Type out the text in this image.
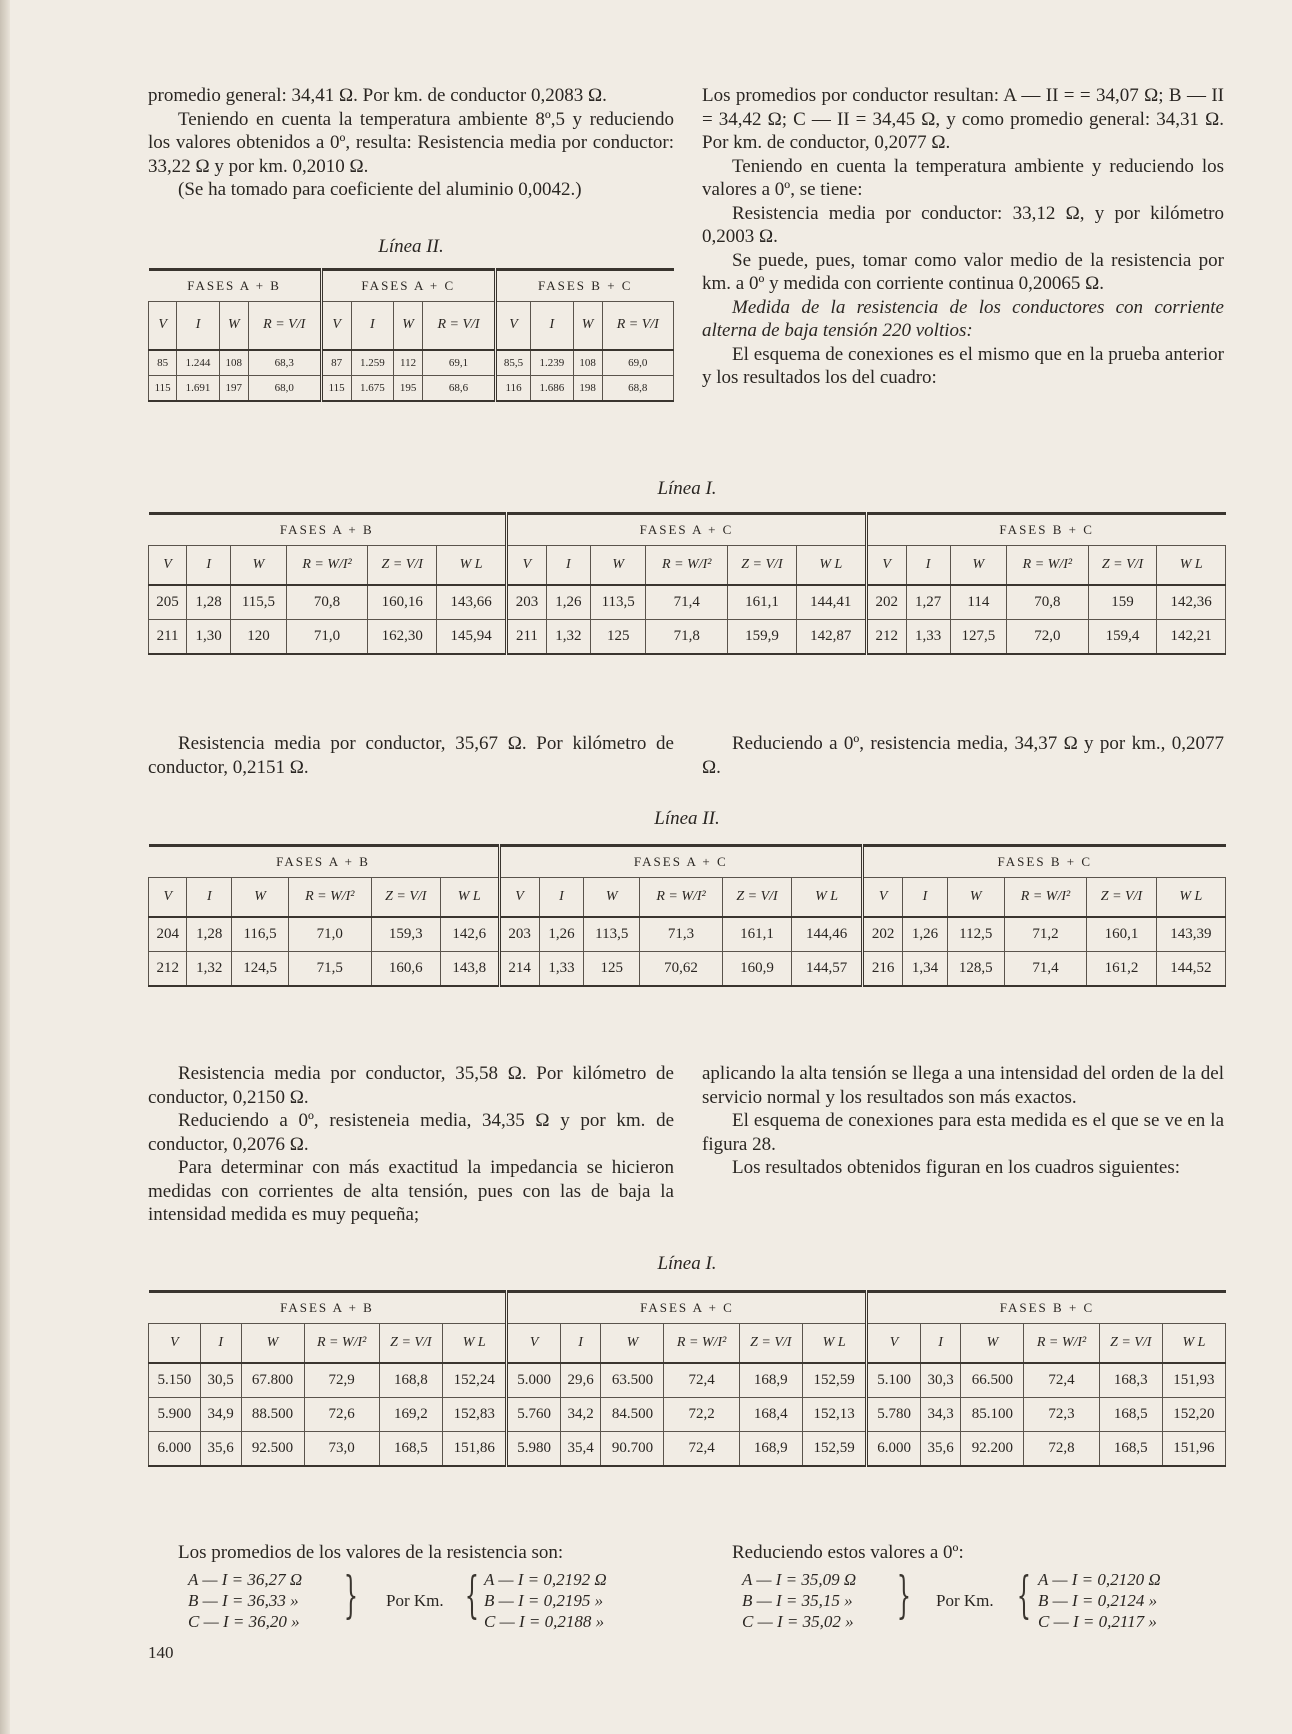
promedio general: 34,41 Ω. Por km. de conductor 0,2083 Ω.

Teniendo en cuenta la temperatura ambiente 8º,5 y reduciendo los valores obtenidos a 0º, resulta: Resistencia media por conductor: 33,22 Ω y por km. 0,2010 Ω.

(Se ha tomado para coeficiente del aluminio 0,0042.)

Línea II.
FASES A + B				FASES A + C				FASES B + C			
V	I	W	R = V/I	V	I	W	R = V/I	V	I	W	R = V/I
85	1.244	108	68,3	87	1.259	112	69,1	85,5	1.239	108	69,0
115	1.691	197	68,0	115	1.675	195	68,6	116	1.686	198	68,8

Los promedios por conductor resultan: A — II = = 34,07 Ω; B — II = 34,42 Ω; C — II = 34,45 Ω, y como promedio general: 34,31 Ω. Por km. de conductor, 0,2077 Ω.

Teniendo en cuenta la temperatura ambiente y reduciendo los valores a 0º, se tiene:

Resistencia media por conductor: 33,12 Ω, y por kilómetro 0,2003 Ω.

Se puede, pues, tomar como valor medio de la resistencia por km. a 0º y medida con corriente continua 0,20065 Ω.

Medida de la resistencia de los conductores con corriente alterna de baja tensión 220 voltios:

El esquema de conexiones es el mismo que en la prueba anterior y los resultados los del cuadro:

Línea I.
FASES A + B						FASES A + C						FASES B + C					
V	I	W	R = W/I²	Z = V/I	W L	V	I	W	R = W/I²	Z = V/I	W L	V	I	W	R = W/I²	Z = V/I	W L
205	1,28	115,5	70,8	160,16	143,66	203	1,26	113,5	71,4	161,1	144,41	202	1,27	114	70,8	159	142,36
211	1,30	120	71,0	162,30	145,94	211	1,32	125	71,8	159,9	142,87	212	1,33	127,5	72,0	159,4	142,21

Resistencia media por conductor, 35,67 Ω. Por kilómetro de conductor, 0,2151 Ω.

Reduciendo a 0º, resistencia media, 34,37 Ω y por km., 0,2077 Ω.

Línea II.
FASES A + B						FASES A + C						FASES B + C					
V	I	W	R = W/I²	Z = V/I	W L	V	I	W	R = W/I²	Z = V/I	W L	V	I	W	R = W/I²	Z = V/I	W L
204	1,28	116,5	71,0	159,3	142,6	203	1,26	113,5	71,3	161,1	144,46	202	1,26	112,5	71,2	160,1	143,39
212	1,32	124,5	71,5	160,6	143,8	214	1,33	125	70,62	160,9	144,57	216	1,34	128,5	71,4	161,2	144,52

Resistencia media por conductor, 35,58 Ω. Por kilómetro de conductor, 0,2150 Ω.

Reduciendo a 0º, resisteneia media, 34,35 Ω y por km. de conductor, 0,2076 Ω.

Para determinar con más exactitud la impedancia se hicieron medidas con corrientes de alta tensión, pues con las de baja la intensidad medida es muy pequeña;

aplicando la alta tensión se llega a una intensidad del orden de la del servicio normal y los resultados son más exactos.

El esquema de conexiones para esta medida es el que se ve en la figura 28.

Los resultados obtenidos figuran en los cuadros siguientes:

Línea I.
FASES A + B						FASES A + C						FASES B + C					
V	I	W	R = W/I²	Z = V/I	W L	V	I	W	R = W/I²	Z = V/I	W L	V	I	W	R = W/I²	Z = V/I	W L
5.150	30,5	67.800	72,9	168,8	152,24	5.000	29,6	63.500	72,4	168,9	152,59	5.100	30,3	66.500	72,4	168,3	151,93
5.900	34,9	88.500	72,6	169,2	152,83	5.760	34,2	84.500	72,2	168,4	152,13	5.780	34,3	85.100	72,3	168,5	152,20
6.000	35,6	92.500	73,0	168,5	151,86	5.980	35,4	90.700	72,4	168,9	152,59	6.000	35,6	92.200	72,8	168,5	151,96

Los promedios de los valores de la resistencia son:	Reduciendo estos valores a 0º:

A — I = 36,27 Ω
B — I = 36,33 »
C — I = 36,20 » } Por Km. { A — I = 0,2192 Ω
B — I = 0,2195 »
C — I = 0,2188 »
A — I = 35,09 Ω
B — I = 35,15 »
C — I = 35,02 » } Por Km. { A — I = 0,2120 Ω
B — I = 0,2124 »
C — I = 0,2117 »
140
